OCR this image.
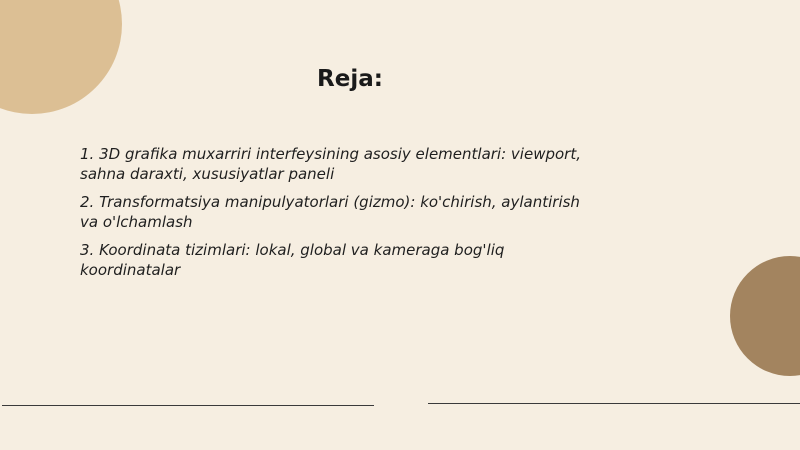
Reja:
1. 3D grafika muxarriri interfeysining asosiy elementlari: viewport, sahna daraxti, xususiyatlar paneli
2. Transformatsiya manipulyatorlari (gizmo): ko'chirish, aylantirish va o'lchamlash
3. Koordinata tizimlari: lokal, global va kameraga bog'liq koordinatalar
